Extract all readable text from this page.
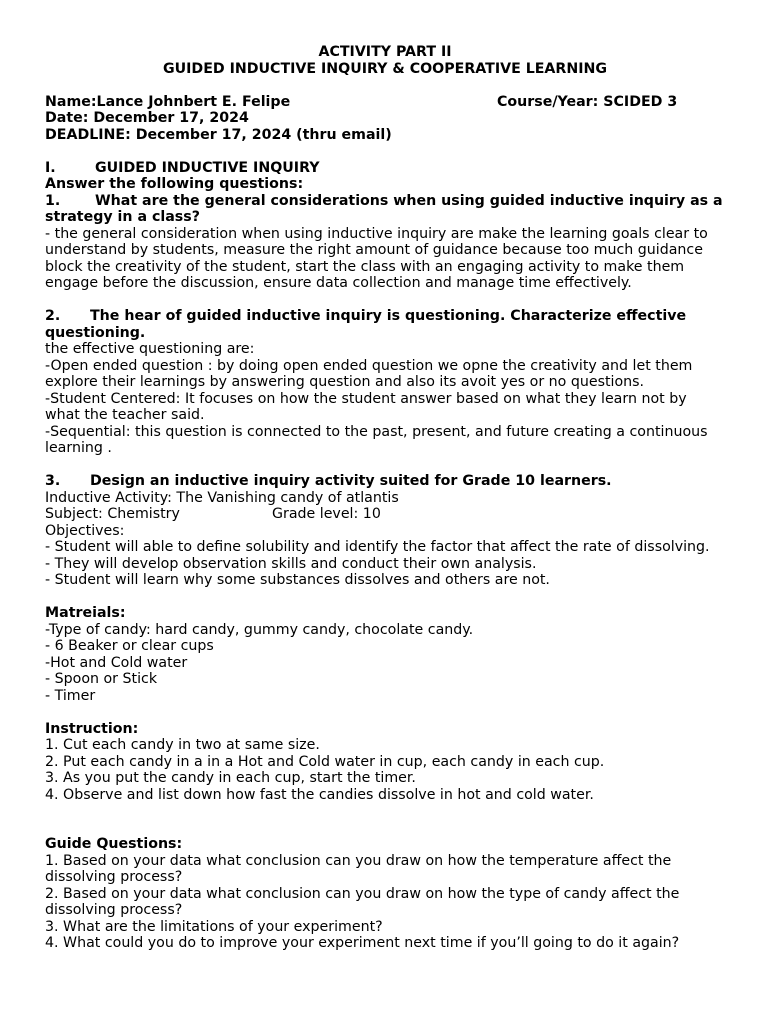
ACTIVITY PART II
GUIDED INDUCTIVE INQUIRY & COOPERATIVE LEARNING
Name:Lance Johnbert E. Felipe	Course/Year: SCIDED 3
Date: December 17, 2024
DEADLINE: December 17, 2024 (thru email)
I.	GUIDED INDUCTIVE INQUIRY
Answer the following questions:
1. What are the general considerations when using guided inductive inquiry as a strategy in a class?
- the general consideration when using inductive inquiry are make the learning goals clear to understand by students, measure the right amount of guidance because too much guidance block the creativity of the student, start the class with an engaging activity to make them engage before the discussion, ensure data collection and manage time effectively.
2. The hear of guided inductive inquiry is questioning. Characterize effective questioning.
the effective questioning are:
-Open ended question : by doing open ended question we opne the creativity and let them explore their learnings by answering question and also its avoit yes or no questions.
-Student Centered: It focuses on how the student answer based on what they learn not by what the teacher said.
-Sequential: this question is connected to the past, present, and future creating a continuous learning .
3. Design an inductive inquiry activity suited for Grade 10 learners.
Inductive Activity: The Vanishing candy of atlantis
Subject: Chemistry	Grade level: 10
Objectives:
- Student will able to define solubility and identify the factor that affect the rate of dissolving.
- They will develop observation skills and conduct their own analysis.
- Student will learn why some substances dissolves and others are not.
Matreials:
-Type of candy: hard candy, gummy candy, chocolate candy.
- 6 Beaker or clear cups
-Hot and Cold water
- Spoon or Stick
- Timer
Instruction:
1. Cut each candy in two at same size.
2. Put each candy in a in a Hot and Cold water in cup, each candy in each cup.
3. As you put the candy in each cup, start the timer.
4. Observe and list down how fast the candies dissolve in hot and cold water.
Guide Questions:
1. Based on your data what conclusion can you draw on how the temperature affect the dissolving process?
2. Based on your data what conclusion can you draw on how the type of candy affect the dissolving process?
3. What are the limitations of your experiment?
4. What could you do to improve your experiment next time if you’ll going to do it again?
